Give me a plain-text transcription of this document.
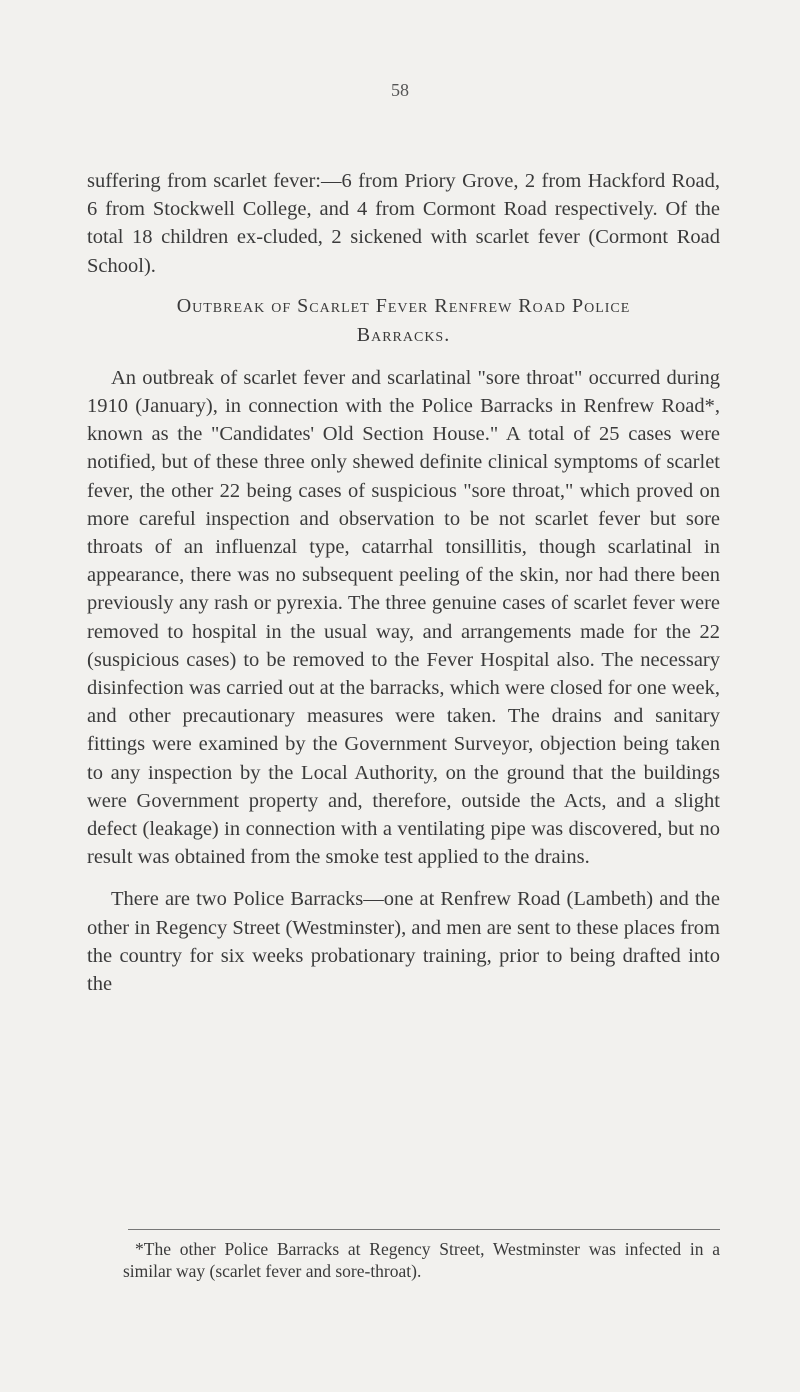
58

suffering from scarlet fever:—6 from Priory Grove, 2 from Hackford Road, 6 from Stockwell College, and 4 from Cormont Road respectively. Of the total 18 children ex-cluded, 2 sickened with scarlet fever (Cormont Road School).

Outbreak of Scarlet Fever Renfrew Road Police
Barracks.

An outbreak of scarlet fever and scarlatinal "sore throat" occurred during 1910 (January), in connection with the Police Barracks in Renfrew Road*, known as the "Candidates' Old Section House." A total of 25 cases were notified, but of these three only shewed definite clinical symptoms of scarlet fever, the other 22 being cases of suspicious "sore throat," which proved on more careful inspection and observation to be not scarlet fever but sore throats of an influenzal type, catarrhal tonsillitis, though scarlatinal in appearance, there was no subsequent peeling of the skin, nor had there been previously any rash or pyrexia. The three genuine cases of scarlet fever were removed to hospital in the usual way, and arrangements made for the 22 (suspicious cases) to be removed to the Fever Hospital also. The necessary disinfection was carried out at the barracks, which were closed for one week, and other precautionary measures were taken. The drains and sanitary fittings were examined by the Government Surveyor, objection being taken to any inspection by the Local Authority, on the ground that the buildings were Government property and, therefore, outside the Acts, and a slight defect (leakage) in connection with a ventilating pipe was discovered, but no result was obtained from the smoke test applied to the drains.

There are two Police Barracks—one at Renfrew Road (Lambeth) and the other in Regency Street (Westminster), and men are sent to these places from the country for six weeks probationary training, prior to being drafted into the

*The other Police Barracks at Regency Street, Westminster was infected in a similar way (scarlet fever and sore-throat).
